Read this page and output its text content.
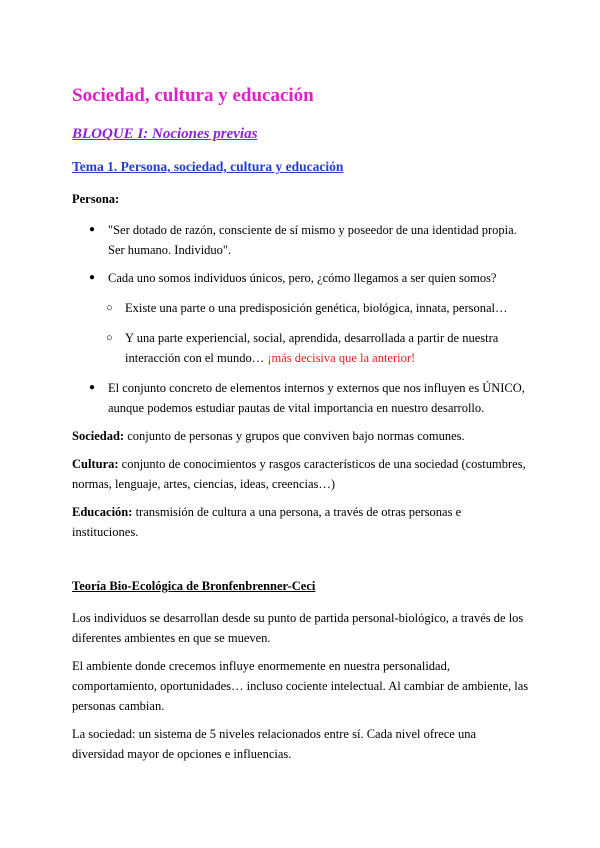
Sociedad, cultura y educación
BLOQUE I: Nociones previas
Tema 1. Persona, sociedad, cultura y educación
Persona:
● "Ser dotado de razón, consciente de sí mismo y poseedor de una identidad propia. Ser humano. Individuo".
● Cada uno somos individuos únicos, pero, ¿cómo llegamos a ser quien somos?
○ Existe una parte o una predisposición genética, biológica, innata, personal…
○ Y una parte experiencial, social, aprendida, desarrollada a partir de nuestra interacción con el mundo… ¡más decisiva que la anterior!
● El conjunto concreto de elementos internos y externos que nos influyen es ÚNICO, aunque podemos estudiar pautas de vital importancia en nuestro desarrollo.

Sociedad: conjunto de personas y grupos que conviven bajo normas comunes.

Cultura: conjunto de conocimientos y rasgos característicos de una sociedad (costumbres, normas, lenguaje, artes, ciencias, ideas, creencias…)

Educación: transmisión de cultura a una persona, a través de otras personas e instituciones.

Teoría Bio-Ecológica de Bronfenbrenner-Ceci

Los individuos se desarrollan desde su punto de partida personal-biológico, a través de los diferentes ambientes en que se mueven.

El ambiente donde crecemos influye enormemente en nuestra personalidad, comportamiento, oportunidades… incluso cociente intelectual. Al cambiar de ambiente, las personas cambian.

La sociedad: un sistema de 5 niveles relacionados entre sí. Cada nivel ofrece una diversidad mayor de opciones e influencias.
